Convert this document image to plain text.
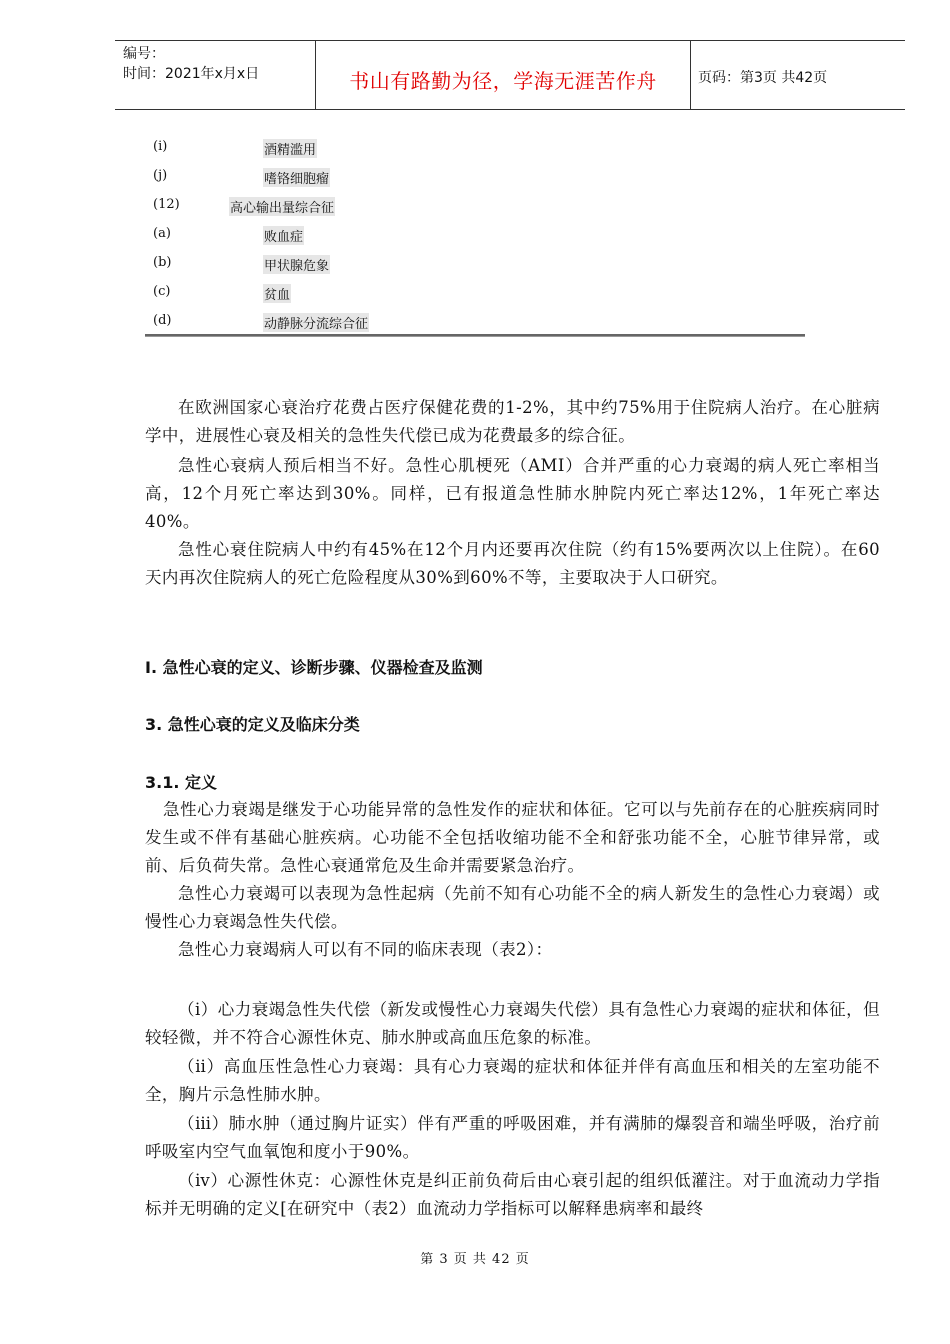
编号：
时间：2021年x月x日	书山有路勤为径，学海无涯苦作舟	页码：第3页 共42页
(i)	酒精滥用
(j)	嗜铬细胞瘤
(12)	高心输出量综合征
(a)	败血症
(b)	甲状腺危象
(c)	贫血
(d)	动静脉分流综合征
在欧洲国家心衰治疗花费占医疗保健花费的1-2%，其中约75%用于住院病人治疗。在心脏病学中，进展性心衰及相关的急性失代偿已成为花费最多的综合征。
急性心衰病人预后相当不好。急性心肌梗死（AMI）合并严重的心力衰竭的病人死亡率相当高，12个月死亡率达到30%。同样，已有报道急性肺水肿院内死亡率达12%，1年死亡率达40%。
急性心衰住院病人中约有45%在12个月内还要再次住院（约有15%要两次以上住院）。在60天内再次住院病人的死亡危险程度从30%到60%不等，主要取决于人口研究。
Ⅰ. 急性心衰的定义、诊断步骤、仪器检查及监测
3. 急性心衰的定义及临床分类
3.1. 定义
急性心力衰竭是继发于心功能异常的急性发作的症状和体征。它可以与先前存在的心脏疾病同时发生或不伴有基础心脏疾病。心功能不全包括收缩功能不全和舒张功能不全，心脏节律异常，或前、后负荷失常。急性心衰通常危及生命并需要紧急治疗。
急性心力衰竭可以表现为急性起病（先前不知有心功能不全的病人新发生的急性心力衰竭）或慢性心力衰竭急性失代偿。
急性心力衰竭病人可以有不同的临床表现（表2）：
（ⅰ）心力衰竭急性失代偿（新发或慢性心力衰竭失代偿）具有急性心力衰竭的症状和体征，但较轻微，并不符合心源性休克、肺水肿或高血压危象的标准。
（ⅱ）高血压性急性心力衰竭：具有心力衰竭的症状和体征并伴有高血压和相关的左室功能不全，胸片示急性肺水肿。
（ⅲ）肺水肿（通过胸片证实）伴有严重的呼吸困难，并有满肺的爆裂音和端坐呼吸，治疗前呼吸室内空气血氧饱和度小于90%。
（ⅳ）心源性休克：心源性休克是纠正前负荷后由心衰引起的组织低灌注。对于血流动力学指标并无明确的定义[在研究中（表2）血流动力学指标可以解释患病率和最终
第 3 页 共 42 页
